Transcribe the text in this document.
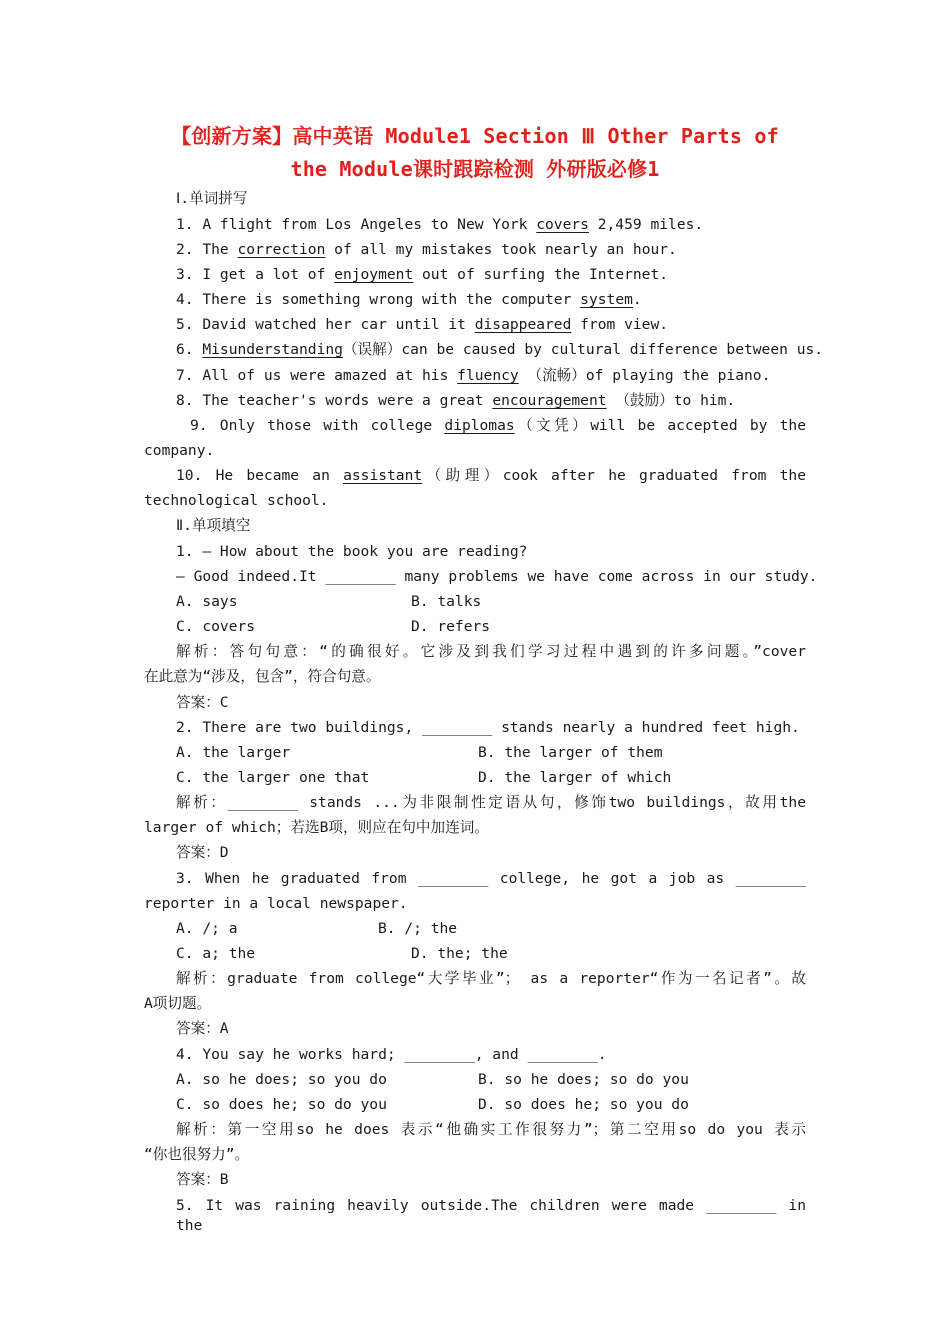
【创新方案】高中英语 Module1 Section Ⅲ Other Parts of
the Module课时跟踪检测 外研版必修1
Ⅰ.单词拼写
1. A flight from Los Angeles to New York covers 2,459 miles.
2. The correction of all my mistakes took nearly an hour.
3. I get a lot of enjoyment out of surfing the Internet.
4. There is something wrong with the computer system.
5. David watched her car until it disappeared from view.
6. Misunderstanding（误解）can be caused by cultural difference between us.
7. All of us were amazed at his fluency （流畅）of playing the piano.
8. The teacher's words were a great encouragement （鼓励）to him.
9. Only those with college diplomas（文凭）will be accepted by the
company.
10. He became an assistant（助理）cook after he graduated from the
technological school.
Ⅱ.单项填空
1. — How about the book you are reading?
— Good indeed.It ________ many problems we have come across in our study.
A. says	B. talks
C. covers	D. refers
解析：答句句意：“的确很好。它涉及到我们学习过程中遇到的许多问题。”cover
在此意为“涉及，包含”，符合句意。
答案：C
2. There are two buildings, ________ stands nearly a hundred feet high.
A. the larger	B. the larger of them
C. the larger one that	D. the larger of which
解析：________ stands ...为非限制性定语从句，修饰two buildings，故用the
larger of which；若选B项，则应在句中加连词。
答案：D
3. When he graduated from ________ college, he got a job as ________
reporter in a local newspaper.
A. /; a	B. /; the
C. a; the	D. the; the
解析：graduate from college“大学毕业”； as a reporter“作为一名记者”。故
A项切题。
答案：A
4. You say he works hard; ________, and ________.
A. so he does; so you do	B. so he does; so do you
C. so does he; so do you	D. so does he; so you do
解析：第一空用so he does 表示“他确实工作很努力”；第二空用so do you 表示
“你也很努力”。
答案：B
5. It was raining heavily outside.The children were made ________ in the
